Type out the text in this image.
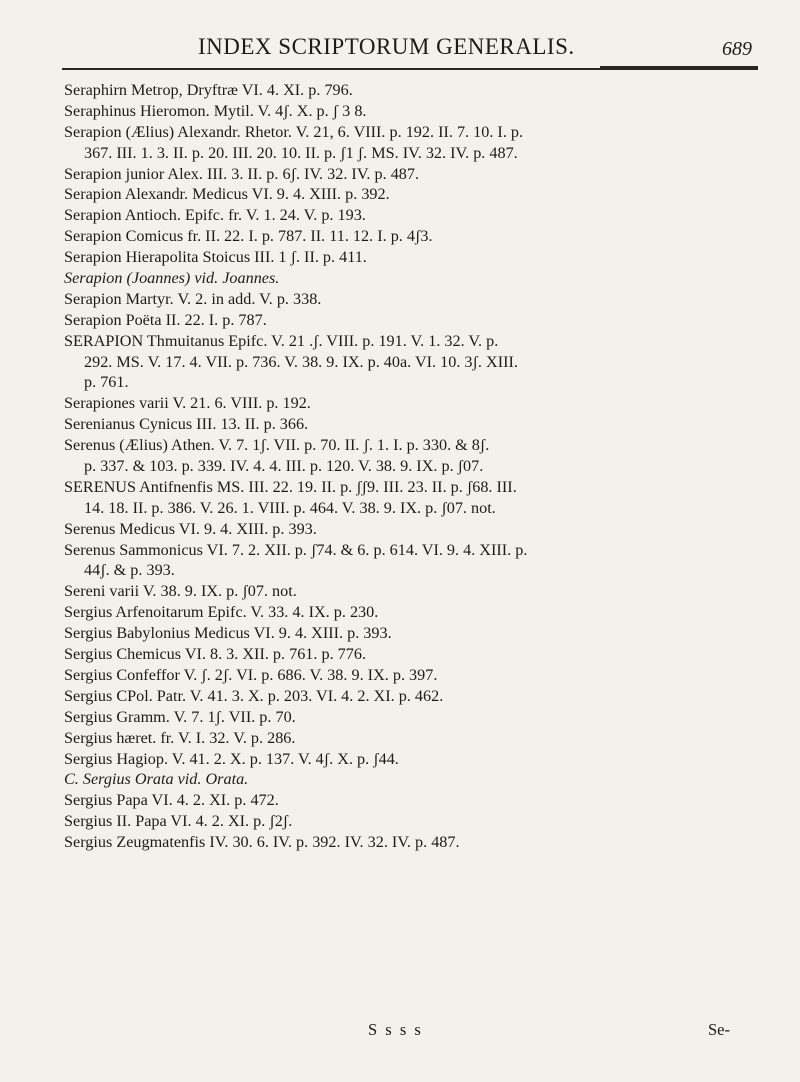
INDEX SCRIPTORUM GENERALIS.	689
Seraphirn Metrop, Dryftræ VI. 4. XI. p. 796.
Seraphinus Hieromon. Mytil. V. 4ʃ. X. p. ʃ 3 8.
Serapion (Ælius) Alexandr. Rhetor. V. 21, 6. VIII. p. 192. II. 7. 10. I. p.
367. III. 1. 3. II. p. 20. III. 20. 10. II. p. ʃ1 ʃ. MS. IV. 32. IV. p. 487.
Serapion junior Alex. III. 3. II. p. 6ʃ. IV. 32. IV. p. 487.
Serapion Alexandr. Medicus VI. 9. 4. XIII. p. 392.
Serapion Antioch. Epifc. fr. V. 1. 24. V. p. 193.
Serapion Comicus fr. II. 22. I. p. 787. II. 11. 12. I. p. 4ʃ3.
Serapion Hierapolita Stoicus III. 1 ʃ. II. p. 411.
Serapion (Joannes) vid. Joannes.
Serapion Martyr. V. 2. in add. V. p. 338.
Serapion Poëta II. 22. I. p. 787.
SERAPION Thmuitanus Epifc. V. 21 .ʃ. VIII. p. 191. V. 1. 32. V. p.
292. MS. V. 17. 4. VII. p. 736. V. 38. 9. IX. p. 40a. VI. 10. 3ʃ. XIII.
p. 761.
Serapiones varii V. 21. 6. VIII. p. 192.
Serenianus Cynicus III. 13. II. p. 366.
Serenus (Ælius) Athen. V. 7. 1ʃ. VII. p. 70. II. ʃ. 1. I. p. 330. & 8ʃ.
p. 337. & 103. p. 339. IV. 4. 4. III. p. 120. V. 38. 9. IX. p. ʃ07.
SERENUS Antifnenfis MS. III. 22. 19. II. p. ʃʃ9. III. 23. II. p. ʃ68. III.
14. 18. II. p. 386. V. 26. 1. VIII. p. 464. V. 38. 9. IX. p. ʃ07. not.
Serenus Medicus VI. 9. 4. XIII. p. 393.
Serenus Sammonicus VI. 7. 2. XII. p. ʃ74. & 6. p. 614. VI. 9. 4. XIII. p.
44ʃ. & p. 393.
Sereni varii V. 38. 9. IX. p. ʃ07. not.
Sergius Arfenoitarum Epifc. V. 33. 4. IX. p. 230.
Sergius Babylonius Medicus VI. 9. 4. XIII. p. 393.
Sergius Chemicus VI. 8. 3. XII. p. 761. p. 776.
Sergius Confeffor V. ʃ. 2ʃ. VI. p. 686. V. 38. 9. IX. p. 397.
Sergius CPol. Patr. V. 41. 3. X. p. 203. VI. 4. 2. XI. p. 462.
Sergius Gramm. V. 7. 1ʃ. VII. p. 70.
Sergius hæret. fr. V. I. 32. V. p. 286.
Sergius Hagiop. V. 41. 2. X. p. 137. V. 4ʃ. X. p. ʃ44.
C. Sergius Orata vid. Orata.
Sergius Papa VI. 4. 2. XI. p. 472.
Sergius II. Papa VI. 4. 2. XI. p. ʃ2ʃ.
Sergius Zeugmatenfis IV. 30. 6. IV. p. 392. IV. 32. IV. p. 487.
S s s s	Se-
